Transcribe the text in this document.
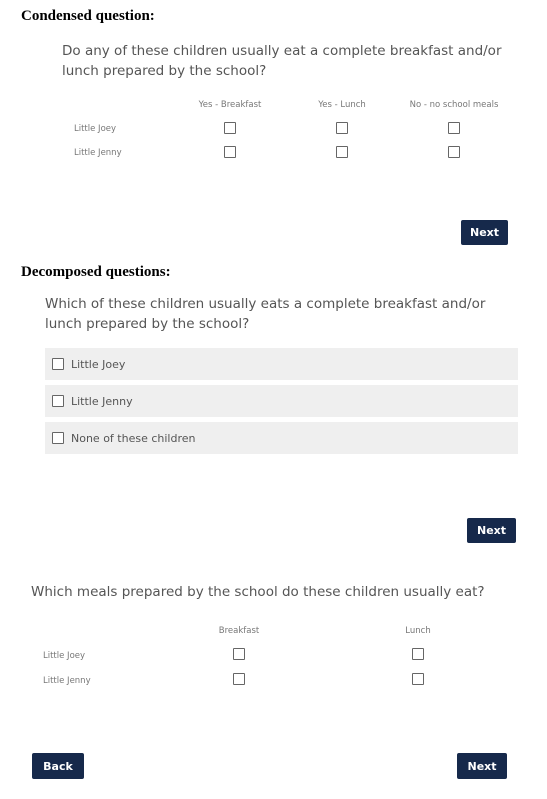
Condensed question:
Do any of these children usually eat a complete breakfast and/or lunch prepared by the school?
Yes - Breakfast	Yes - Lunch	No - no school meals
Little Joey
Little Jenny
Next
Decomposed questions:
Which of these children usually eats a complete breakfast and/or lunch prepared by the school?
Little Joey
Little Jenny
None of these children
Next
Which meals prepared by the school do these children usually eat?
Breakfast	Lunch
Little Joey
Little Jenny
Back	Next
